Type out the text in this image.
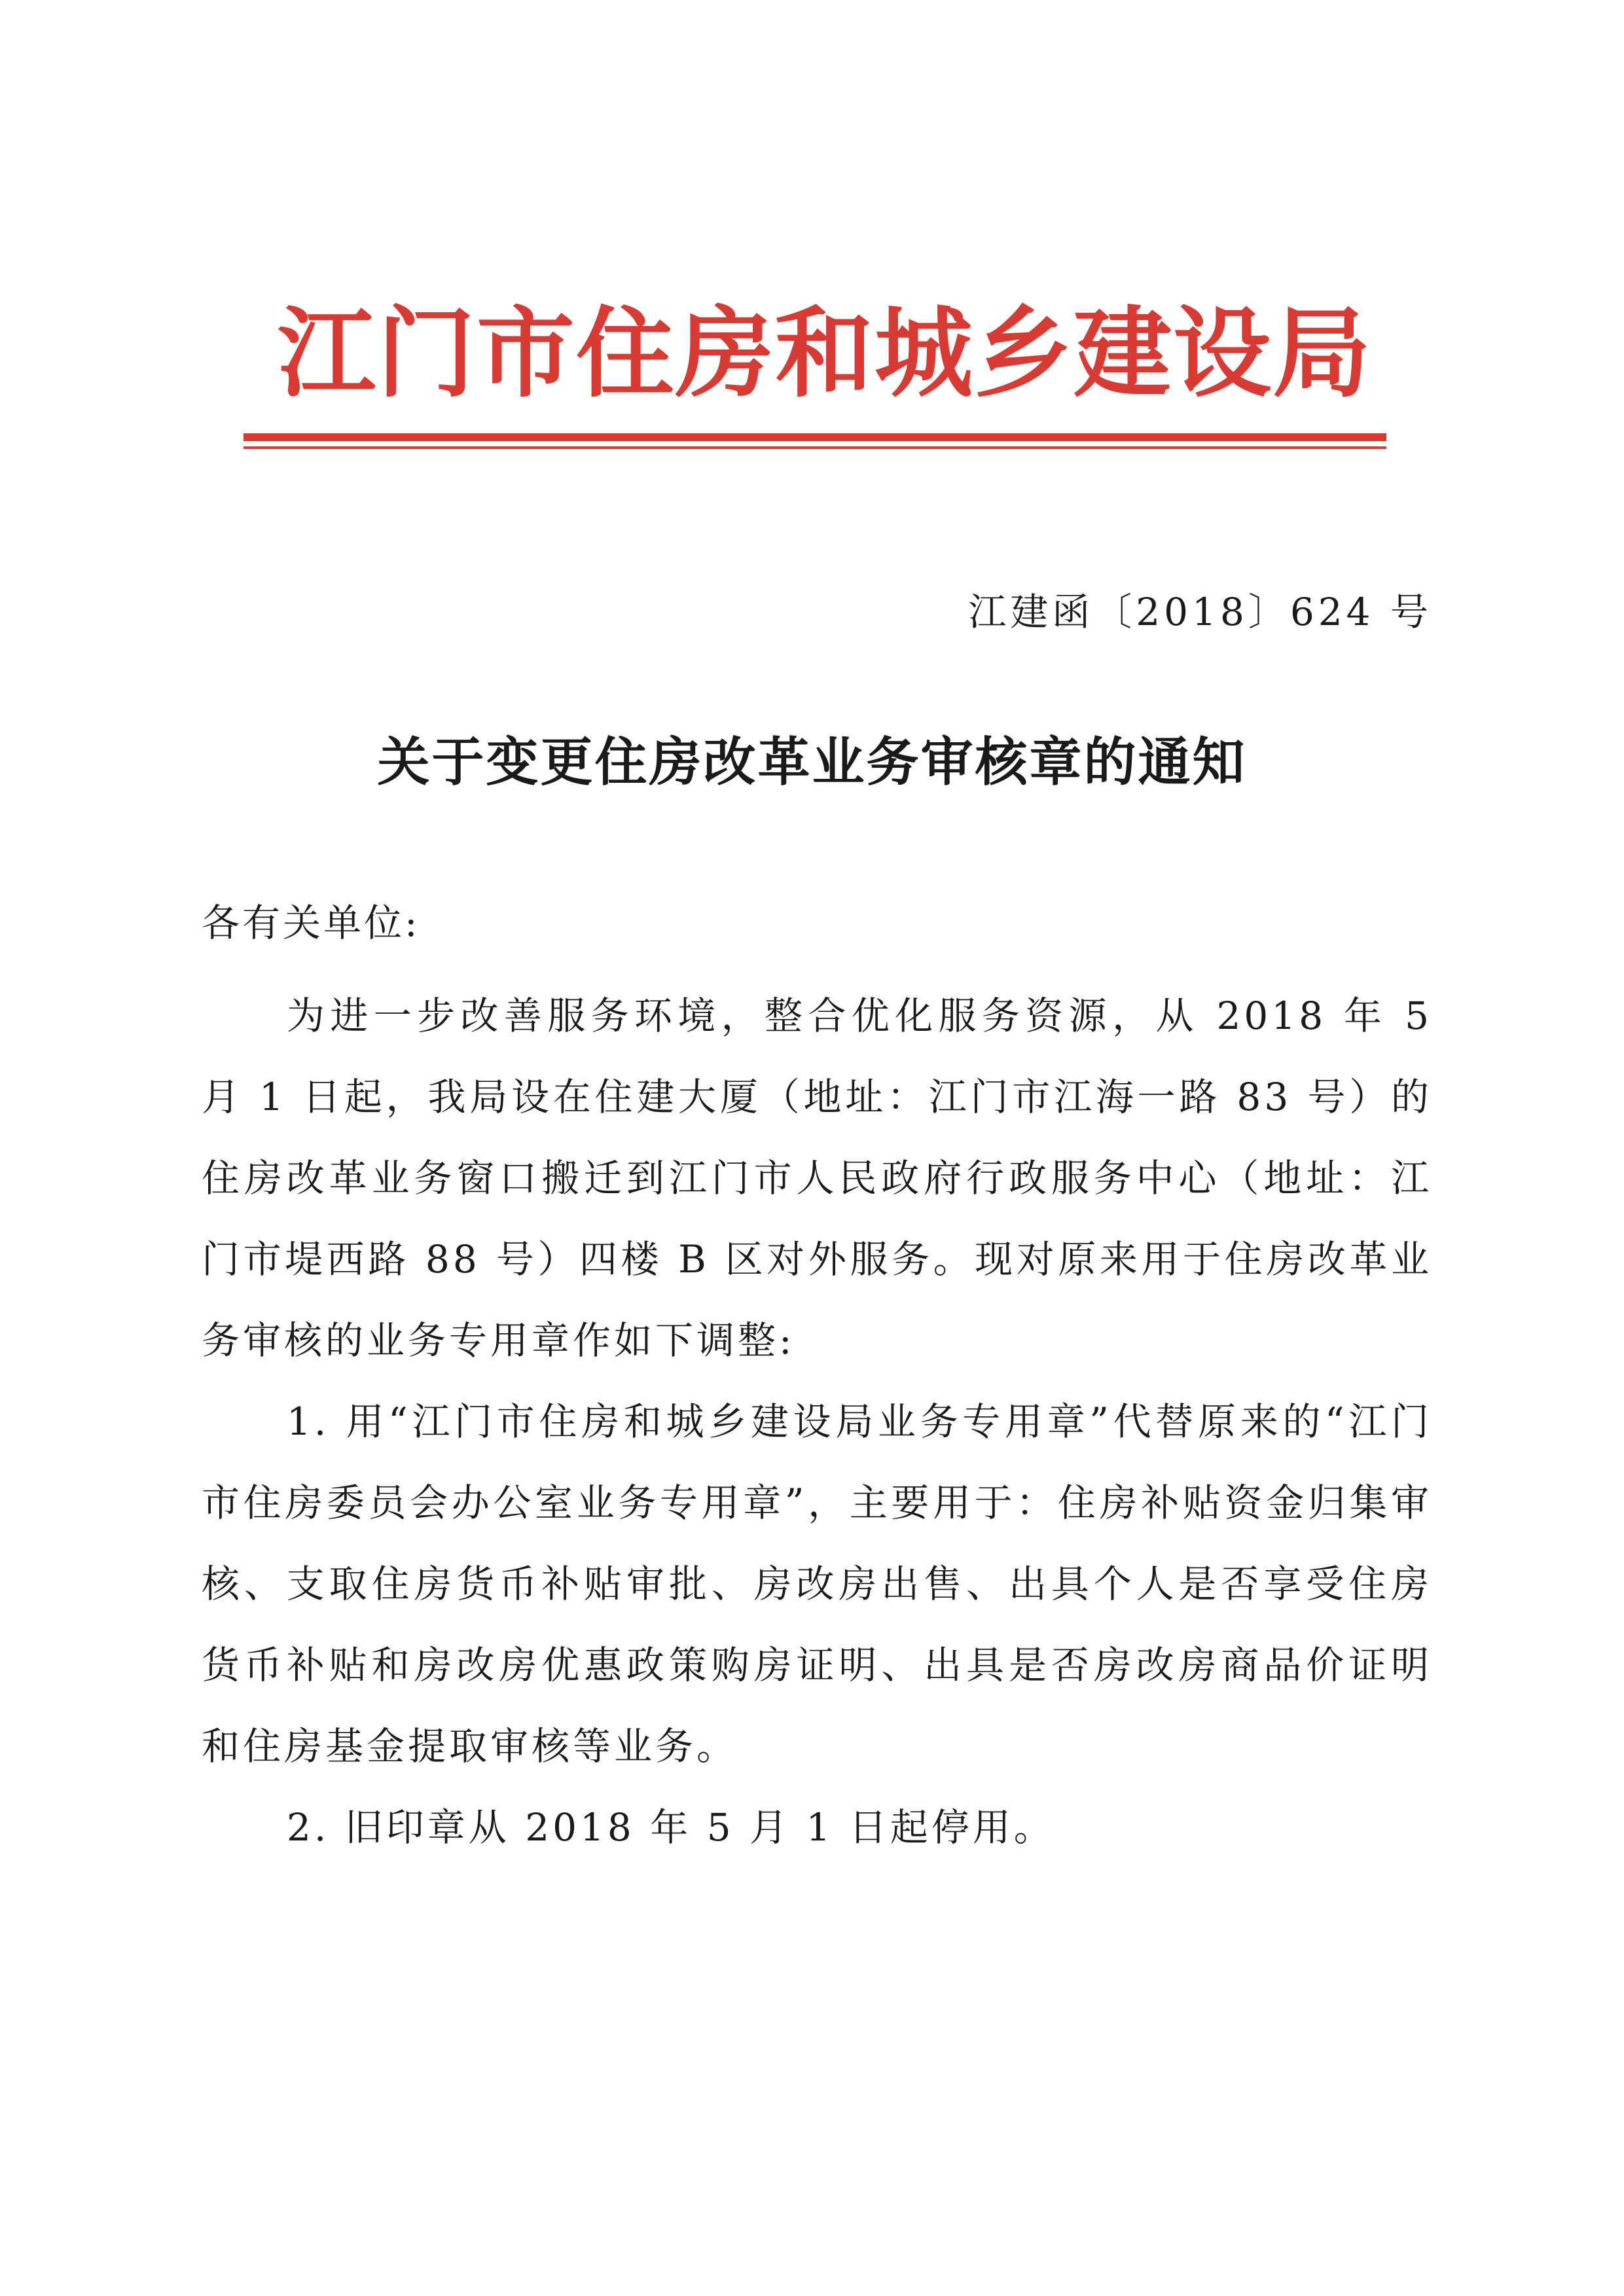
江门市住房和城乡建设局
江建函〔2018〕624 号
关于变更住房改革业务审核章的通知
各有关单位:

为进一步改善服务环境，整合优化服务资源，从 2018 年 5 月 1 日起，我局设在住建大厦（地址：江门市江海一路 83 号）的住房改革业务窗口搬迁到江门市人民政府行政服务中心（地址：江门市堤西路 88 号）四楼 B 区对外服务。现对原来用于住房改革业务审核的业务专用章作如下调整:

1. 用“江门市住房和城乡建设局业务专用章”代替原来的“江门市住房委员会办公室业务专用章”，主要用于：住房补贴资金归集审核、支取住房货币补贴审批、房改房出售、出具个人是否享受住房货币补贴和房改房优惠政策购房证明、出具是否房改房商品价证明和住房基金提取审核等业务。

2. 旧印章从 2018 年 5 月 1 日起停用。
